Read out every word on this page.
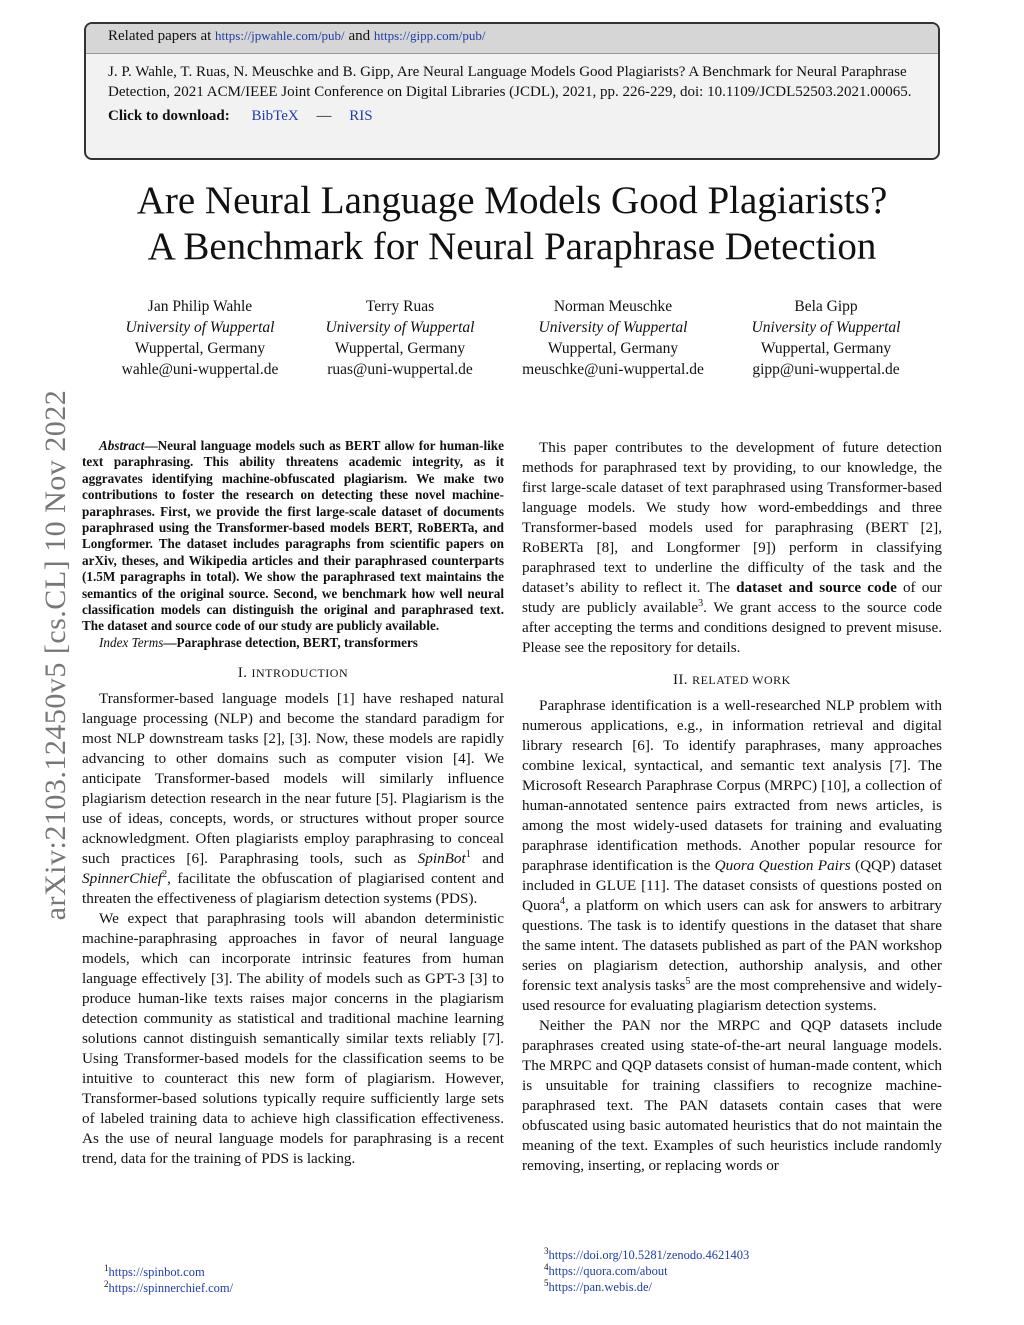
Related papers at https://jpwahle.com/pub/ and https://gipp.com/pub/
J. P. Wahle, T. Ruas, N. Meuschke and B. Gipp, Are Neural Language Models Good Plagiarists? A Benchmark for Neural Paraphrase Detection, 2021 ACM/IEEE Joint Conference on Digital Libraries (JCDL), 2021, pp. 226-229, doi: 10.1109/JCDL52503.2021.00065.
Click to download: BibTeX — RIS
Are Neural Language Models Good Plagiarists?
A Benchmark for Neural Paraphrase Detection
Jan Philip Wahle
University of Wuppertal
Wuppertal, Germany
wahle@uni-wuppertal.de
Terry Ruas
University of Wuppertal
Wuppertal, Germany
ruas@uni-wuppertal.de
Norman Meuschke
University of Wuppertal
Wuppertal, Germany
meuschke@uni-wuppertal.de
Bela Gipp
University of Wuppertal
Wuppertal, Germany
gipp@uni-wuppertal.de
arXiv:2103.12450v5 [cs.CL] 10 Nov 2022	Abstract—Neural language models such as BERT allow for human-like text paraphrasing. This ability threatens academic integrity, as it aggravates identifying machine-obfuscated plagiarism. We make two contributions to foster the research on detecting these novel machine-paraphrases. First, we provide the first large-scale dataset of documents paraphrased using the Transformer-based models BERT, RoBERTa, and Longformer. The dataset includes paragraphs from scientific papers on arXiv, theses, and Wikipedia articles and their paraphrased counterparts (1.5M paragraphs in total). We show the paraphrased text maintains the semantics of the original source. Second, we benchmark how well neural classification models can distinguish the original and paraphrased text. The dataset and source code of our study are publicly available.

Index Terms—Paraphrase detection, BERT, transformers

I. INTRODUCTION

Transformer-based language models [1] have reshaped natural language processing (NLP) and become the standard paradigm for most NLP downstream tasks [2], [3]. Now, these models are rapidly advancing to other domains such as computer vision [4]. We anticipate Transformer-based models will similarly influence plagiarism detection research in the near future [5]. Plagiarism is the use of ideas, concepts, words, or structures without proper source acknowledgment. Often plagiarists employ paraphrasing to conceal such practices [6]. Paraphrasing tools, such as SpinBot$^1$ and SpinnerChief$^2$, facilitate the obfuscation of plagiarised content and threaten the effectiveness of plagiarism detection systems (PDS).

We expect that paraphrasing tools will abandon deterministic machine-paraphrasing approaches in favor of neural language models, which can incorporate intrinsic features from human language effectively [3]. The ability of models such as GPT-3 [3] to produce human-like texts raises major concerns in the plagiarism detection community as statistical and traditional machine learning solutions cannot distinguish semantically similar texts reliably [7]. Using Transformer-based models for the classification seems to be intuitive to counteract this new form of plagiarism. However, Transformer-based solutions typically require sufficiently large sets of labeled training data to achieve high classification effectiveness. As the use of neural language models for paraphrasing is a recent trend, data for the training of PDS is lacking.

This paper contributes to the development of future detection methods for paraphrased text by providing, to our knowledge, the first large-scale dataset of text paraphrased using Transformer-based language models. We study how word-embeddings and three Transformer-based models used for paraphrasing (BERT [2], RoBERTa [8], and Longformer [9]) perform in classifying paraphrased text to underline the difficulty of the task and the dataset’s ability to reflect it. The dataset and source code of our study are publicly available$^3$. We grant access to the source code after accepting the terms and conditions designed to prevent misuse. Please see the repository for details.

II. RELATED WORK

Paraphrase identification is a well-researched NLP problem with numerous applications, e.g., in information retrieval and digital library research [6]. To identify paraphrases, many approaches combine lexical, syntactical, and semantic text analysis [7]. The Microsoft Research Paraphrase Corpus (MRPC) [10], a collection of human-annotated sentence pairs extracted from news articles, is among the most widely-used datasets for training and evaluating paraphrase identification methods. Another popular resource for paraphrase identification is the Quora Question Pairs (QQP) dataset included in GLUE [11]. The dataset consists of questions posted on Quora$^4$, a platform on which users can ask for answers to arbitrary questions. The task is to identify questions in the dataset that share the same intent. The datasets published as part of the PAN workshop series on plagiarism detection, authorship analysis, and other forensic text analysis tasks$^5$ are the most comprehensive and widely-used resource for evaluating plagiarism detection systems.

Neither the PAN nor the MRPC and QQP datasets include paraphrases created using state-of-the-art neural language models. The MRPC and QQP datasets consist of human-made content, which is unsuitable for training classifiers to recognize machine-paraphrased text. The PAN datasets contain cases that were obfuscated using basic automated heuristics that do not maintain the meaning of the text. Examples of such heuristics include randomly removing, inserting, or replacing words or

$^1$https://spinbot.com
$^2$https://spinnerchief.com/
$^3$https://doi.org/10.5281/zenodo.4621403
$^4$https://quora.com/about
$^5$https://pan.webis.de/
